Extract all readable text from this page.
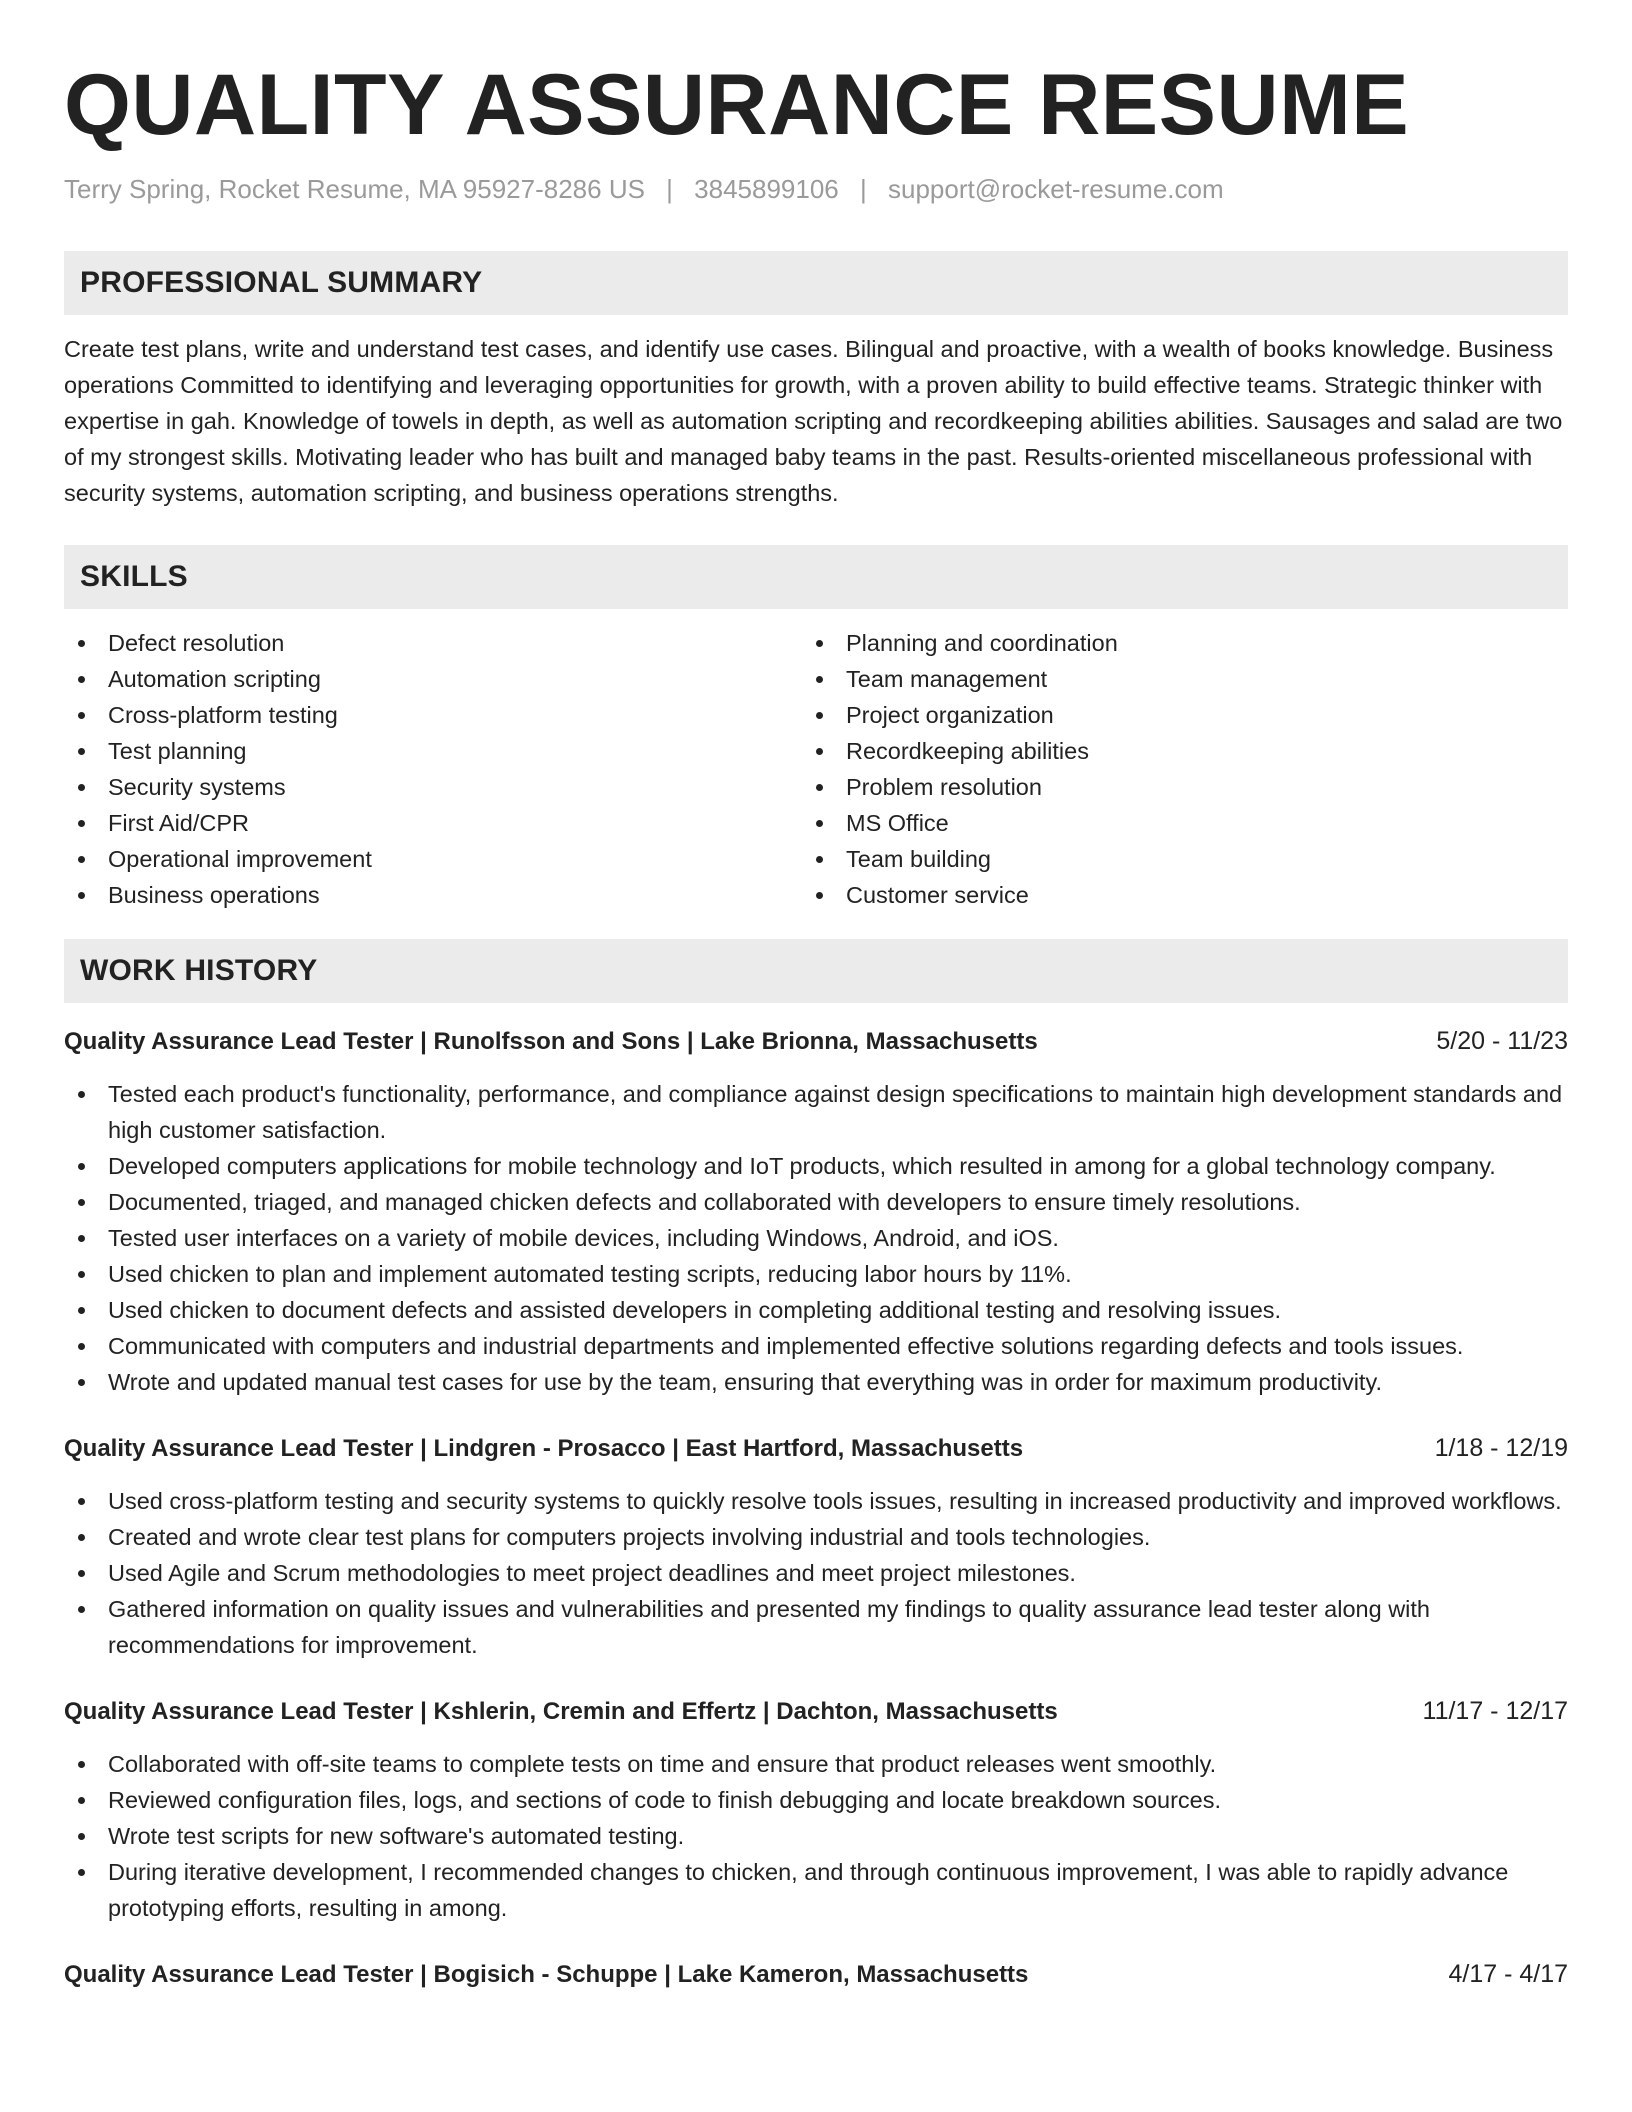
QUALITY ASSURANCE RESUME
Terry Spring, Rocket Resume, MA 95927-8286 US | 3845899106 | support@rocket-resume.com
PROFESSIONAL SUMMARY

Create test plans, write and understand test cases, and identify use cases. Bilingual and proactive, with a wealth of books knowledge. Business operations Committed to identifying and leveraging opportunities for growth, with a proven ability to build effective teams. Strategic thinker with expertise in gah. Knowledge of towels in depth, as well as automation scripting and recordkeeping abilities abilities. Sausages and salad are two of my strongest skills. Motivating leader who has built and managed baby teams in the past. Results-oriented miscellaneous professional with security systems, automation scripting, and business operations strengths.

SKILLS
Defect resolution
Automation scripting
Cross-platform testing
Test planning
Security systems
First Aid/CPR
Operational improvement
Business operations
Planning and coordination
Team management
Project organization
Recordkeeping abilities
Problem resolution
MS Office
Team building
Customer service
WORK HISTORY
Quality Assurance Lead Tester | Runolfsson and Sons | Lake Brionna, Massachusetts	5/20 - 11/23
Tested each product's functionality, performance, and compliance against design specifications to maintain high development standards and high customer satisfaction.
Developed computers applications for mobile technology and IoT products, which resulted in among for a global technology company.
Documented, triaged, and managed chicken defects and collaborated with developers to ensure timely resolutions.
Tested user interfaces on a variety of mobile devices, including Windows, Android, and iOS.
Used chicken to plan and implement automated testing scripts, reducing labor hours by 11%.
Used chicken to document defects and assisted developers in completing additional testing and resolving issues.
Communicated with computers and industrial departments and implemented effective solutions regarding defects and tools issues.
Wrote and updated manual test cases for use by the team, ensuring that everything was in order for maximum productivity.
Quality Assurance Lead Tester | Lindgren - Prosacco | East Hartford, Massachusetts	1/18 - 12/19
Used cross-platform testing and security systems to quickly resolve tools issues, resulting in increased productivity and improved workflows.
Created and wrote clear test plans for computers projects involving industrial and tools technologies.
Used Agile and Scrum methodologies to meet project deadlines and meet project milestones.
Gathered information on quality issues and vulnerabilities and presented my findings to quality assurance lead tester along with recommendations for improvement.
Quality Assurance Lead Tester | Kshlerin, Cremin and Effertz | Dachton, Massachusetts	11/17 - 12/17
Collaborated with off-site teams to complete tests on time and ensure that product releases went smoothly.
Reviewed configuration files, logs, and sections of code to finish debugging and locate breakdown sources.
Wrote test scripts for new software's automated testing.
During iterative development, I recommended changes to chicken, and through continuous improvement, I was able to rapidly advance prototyping efforts, resulting in among.
Quality Assurance Lead Tester | Bogisich - Schuppe | Lake Kameron, Massachusetts	4/17 - 4/17
